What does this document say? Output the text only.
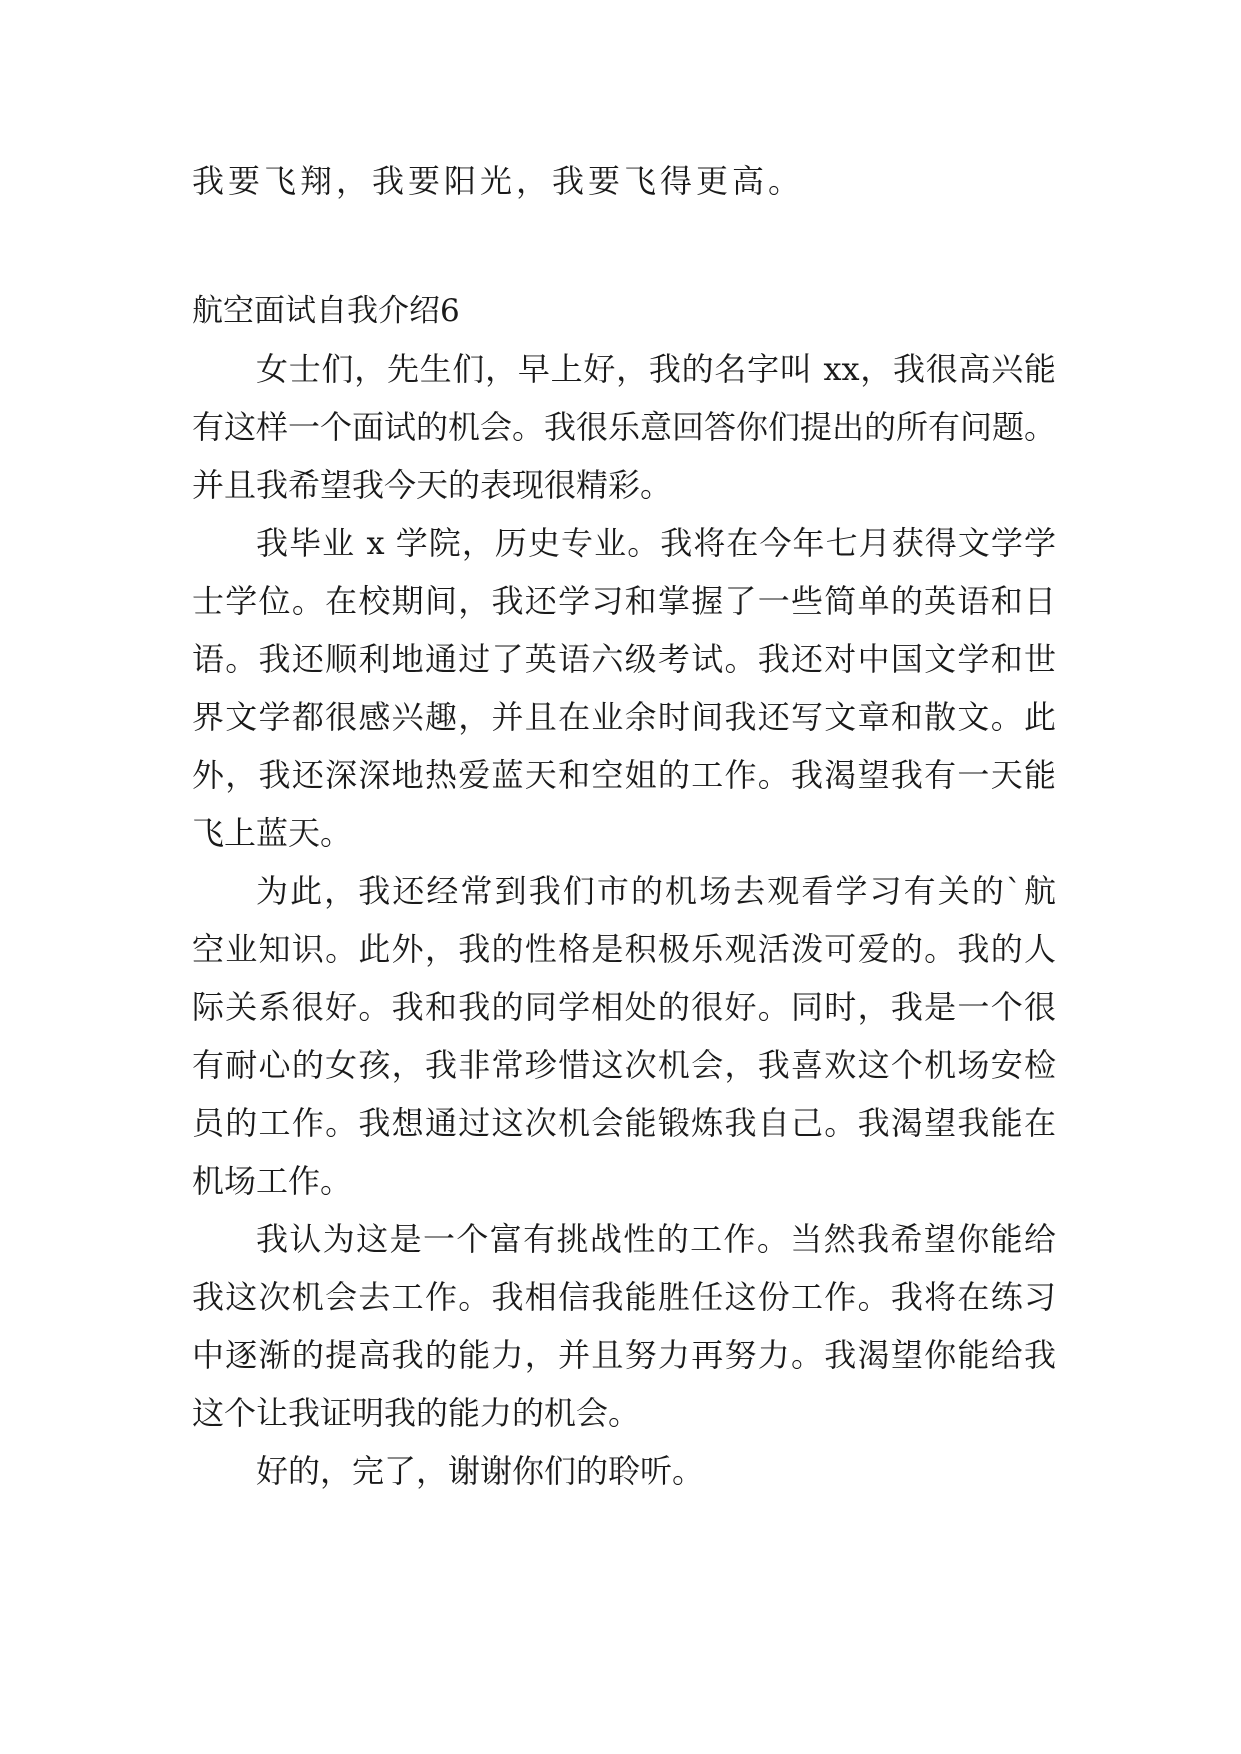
我要飞翔，我要阳光，我要飞得更高。
航空面试自我介绍6
女士们，先生们，早上好，我的名字叫 xx，我很高兴能
有这样一个面试的机会。我很乐意回答你们提出的所有问题。
并且我希望我今天的表现很精彩。
我毕业 x 学院，历史专业。我将在今年七月获得文学学
士学位。在校期间，我还学习和掌握了一些简单的英语和日
语。我还顺利地通过了英语六级考试。我还对中国文学和世
界文学都很感兴趣，并且在业余时间我还写文章和散文。此
外，我还深深地热爱蓝天和空姐的工作。我渴望我有一天能
飞上蓝天。
为此，我还经常到我们市的机场去观看学习有关的`航
空业知识。此外，我的性格是积极乐观活泼可爱的。我的人
际关系很好。我和我的同学相处的很好。同时，我是一个很
有耐心的女孩，我非常珍惜这次机会，我喜欢这个机场安检
员的工作。我想通过这次机会能锻炼我自己。我渴望我能在
机场工作。
我认为这是一个富有挑战性的工作。当然我希望你能给
我这次机会去工作。我相信我能胜任这份工作。我将在练习
中逐渐的提高我的能力，并且努力再努力。我渴望你能给我
这个让我证明我的能力的机会。
好的，完了，谢谢你们的聆听。
